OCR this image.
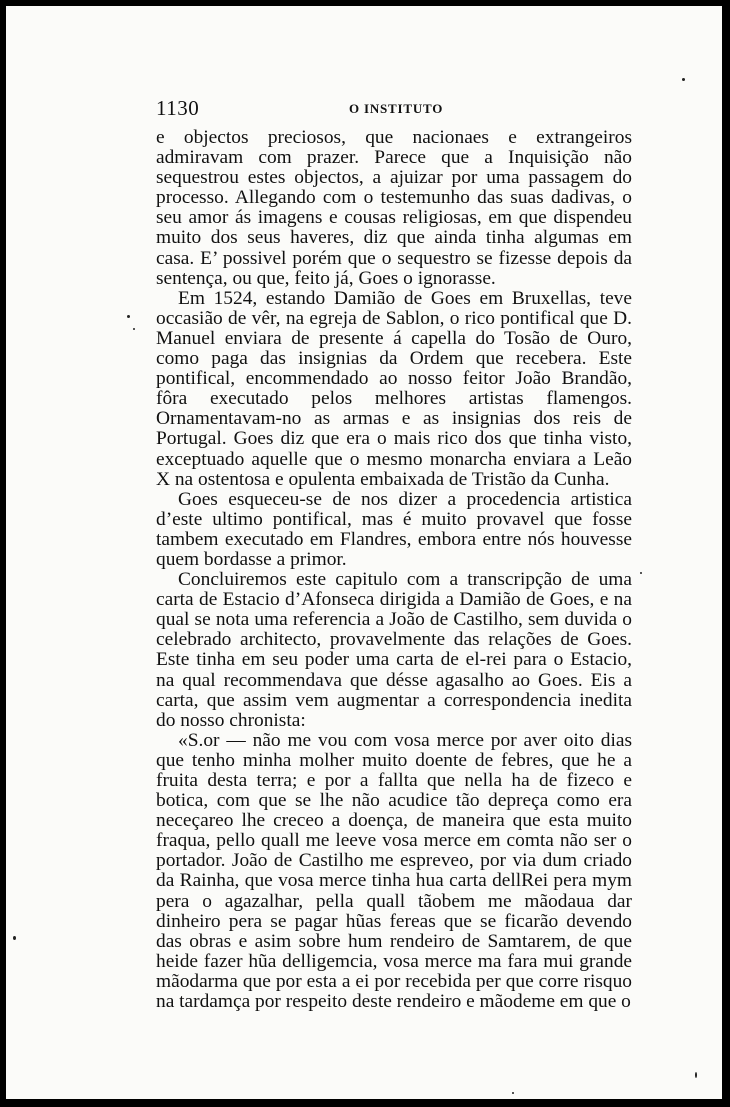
1130	O INSTITUTO

e objectos preciosos, que nacionaes e extrangeiros admiravam com prazer. Parece que a Inquisição não sequestrou estes objectos, a ajuizar por uma passagem do processo. Allegando com o testemunho das suas dadivas, o seu amor ás imagens e cousas religiosas, em que dispendeu muito dos seus haveres, diz que ainda tinha algumas em casa. E’ possivel porém que o sequestro se fizesse depois da sentença, ou que, feito já, Goes o ignorasse.

Em 1524, estando Damião de Goes em Bruxellas, teve occasião de vêr, na egreja de Sablon, o rico pontifical que D. Manuel enviara de presente á capella do Tosão de Ouro, como paga das insignias da Ordem que recebera. Este pontifical, encommendado ao nosso feitor João Brandão, fôra executado pelos melhores artistas flamengos. Ornamentavam-no as armas e as insignias dos reis de Portugal. Goes diz que era o mais rico dos que tinha visto, exceptuado aquelle que o mesmo monarcha enviara a Leão X na ostentosa e opulenta embaixada de Tristão da Cunha.

Goes esqueceu-se de nos dizer a procedencia artistica d’este ultimo pontifical, mas é muito provavel que fosse tambem executado em Flandres, embora entre nós houvesse quem bordasse a primor.

Concluiremos este capitulo com a transcripção de uma carta de Estacio d’Afonseca dirigida a Damião de Goes, e na qual se nota uma referencia a João de Castilho, sem duvida o celebrado architecto, provavelmente das relações de Goes. Este tinha em seu poder uma carta de el-rei para o Estacio, na qual recommendava que désse agasalho ao Goes. Eis a carta, que assim vem augmentar a correspondencia inedita do nosso chronista:

«S.or — não me vou com vosa merce por aver oito dias que tenho minha molher muito doente de febres, que he a fruita desta terra; e por a fallta que nella ha de fizeco e botica, com que se lhe não acudice tão depreça como era neceçareo lhe creceo a doença, de maneira que esta muito fraqua, pello quall me leeve vosa merce em comta não ser o portador. João de Castilho me espreveo, por via dum criado da Rainha, que vosa merce tinha hua carta dellRei pera mym pera o agazalhar, pella quall tãobem me mãodaua dar dinheiro pera se pagar hũas fereas que se ficarão devendo das obras e asim sobre hum rendeiro de Samtarem, de que heide fazer hũa delligemcia, vosa merce ma fara mui grande mãodarma que por esta a ei por recebida per que corre risquo na tardamça por respeito deste rendeiro e mãodeme em que o
